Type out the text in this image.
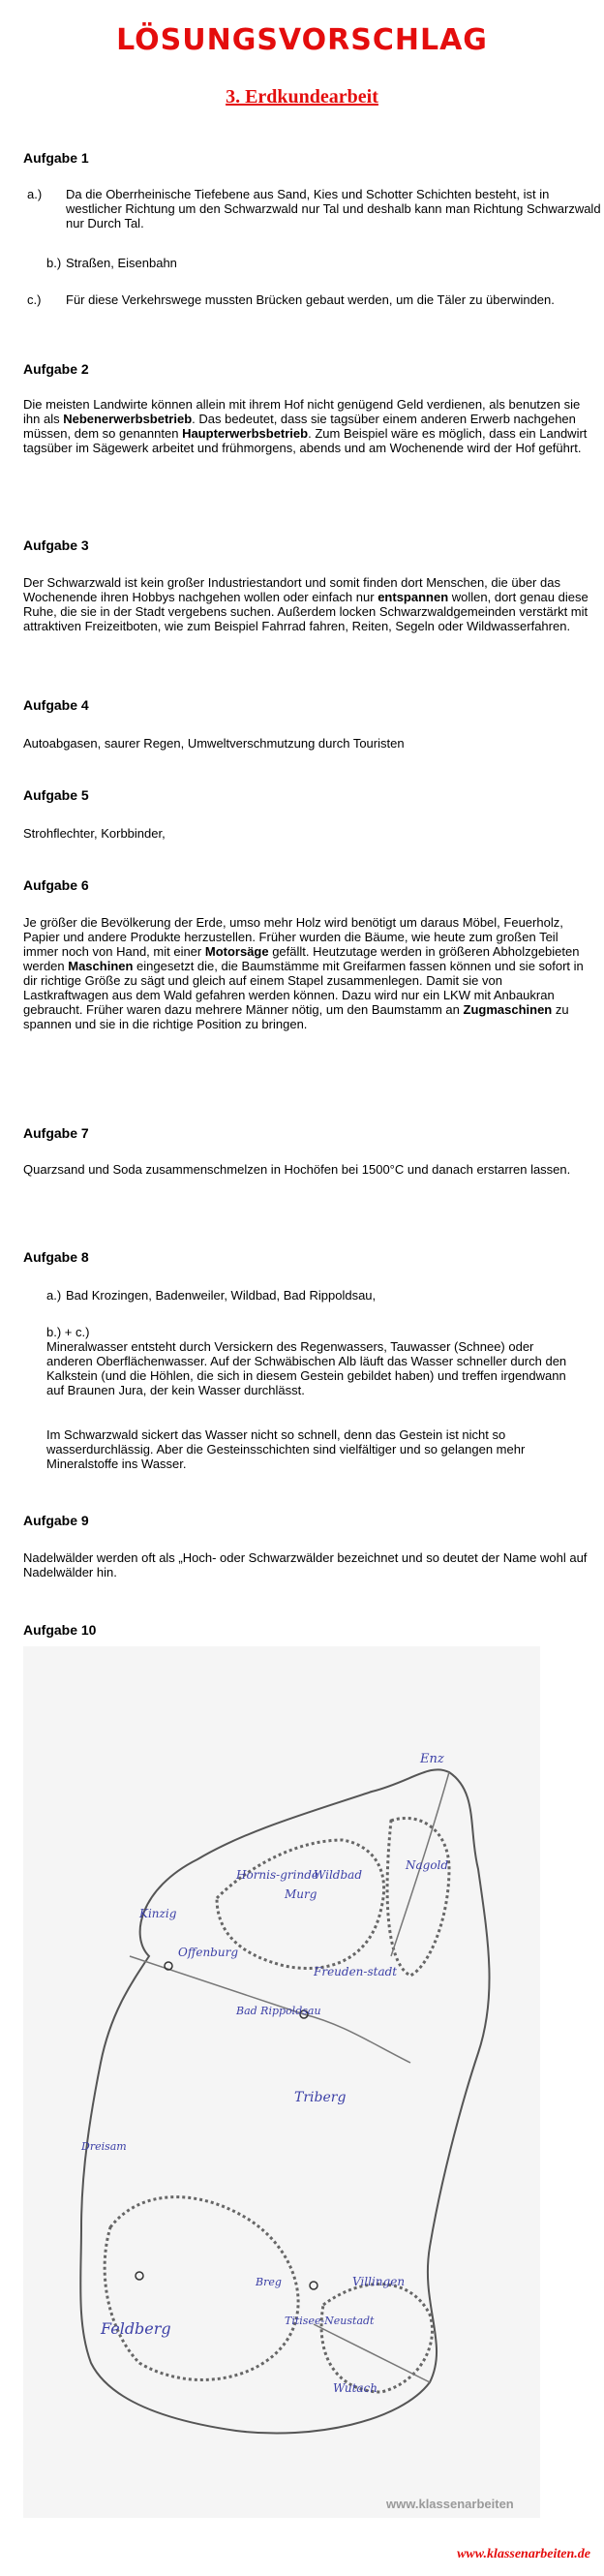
LÖSUNGSVORSCHLAG
3. Erdkundearbeit
Aufgabe 1
a.) Da die Oberrheinische Tiefebene aus Sand, Kies und Schotter Schichten besteht, ist in westlicher Richtung um den Schwarzwald nur Tal und deshalb kann man Richtung Schwarzwald nur Durch Tal.
b.) Straßen, Eisenbahn
c.) Für diese Verkehrswege mussten Brücken gebaut werden, um die Täler zu überwinden.
Aufgabe 2
Die meisten Landwirte können allein mit ihrem Hof nicht genügend Geld verdienen, als benutzen sie ihn als Nebenerwerbsbetrieb. Das bedeutet, dass sie tagsüber einem anderen Erwerb nachgehen müssen, dem so genannten Haupterwerbsbetrieb. Zum Beispiel wäre es möglich, dass ein Landwirt tagsüber im Sägewerk arbeitet und frühmorgens, abends und am Wochenende wird der Hof geführt.
Aufgabe 3
Der Schwarzwald ist kein großer Industriestandort und somit finden dort Menschen, die über das Wochenende ihren Hobbys nachgehen wollen oder einfach nur entspannen wollen, dort genau diese Ruhe, die sie in der Stadt vergebens suchen. Außerdem locken Schwarzwaldgemeinden verstärkt mit attraktiven Freizeitboten, wie zum Beispiel Fahrrad fahren, Reiten, Segeln oder Wildwasserfahren.
Aufgabe 4
Autoabgasen, saurer Regen, Umweltverschmutzung durch Touristen
Aufgabe 5
Strohflechter, Korbbinder,
Aufgabe 6
Je größer die Bevölkerung der Erde, umso mehr Holz wird benötigt um daraus Möbel, Feuerholz, Papier und andere Produkte herzustellen. Früher wurden die Bäume, wie heute zum großen Teil immer noch von Hand, mit einer Motorsäge gefällt. Heutzutage werden in größeren Abholzgebieten werden Maschinen eingesetzt die, die Baumstämme mit Greifarmen fassen können und sie sofort in dir richtige Größe zu sägt und gleich auf einem Stapel zusammenlegen. Damit sie von Lastkraftwagen aus dem Wald gefahren werden können. Dazu wird nur ein LKW mit Anbaukran gebraucht. Früher waren dazu mehrere Männer nötig, um den Baumstamm an Zugmaschinen zu spannen und sie in die richtige Position zu bringen.
Aufgabe 7
Quarzsand und Soda zusammenschmelzen in Hochöfen bei 1500°C und danach erstarren lassen.
Aufgabe 8
a.) Bad Krozingen, Badenweiler, Wildbad, Bad Rippoldsau,
b.) + c.)
Mineralwasser entsteht durch Versickern des Regenwassers, Tauwasser (Schnee) oder anderen Oberflächenwasser. Auf der Schwäbischen Alb läuft das Wasser schneller durch den Kalkstein (und die Höhlen, die sich in diesem Gestein gebildet haben) und treffen irgendwann auf Braunen Jura, der kein Wasser durchlässt.
Im Schwarzwald sickert das Wasser nicht so schnell, denn das Gestein ist nicht so wasserdurchlässig. Aber die Gesteinsschichten sind vielfältiger und so gelangen mehr Mineralstoffe ins Wasser.
Aufgabe 9
Nadelwälder werden oft als „Hoch- oder Schwarzwälder bezeichnet und so deutet der Name wohl auf Nadelwälder hin.
Aufgabe 10
Enz
Wildbad
Nagold
Murg
Hornis-grinde
Kinzig
Offenburg
Freuden-stadt
Bad Rippoldsau
Triberg
Dreisam
Feldberg	Titisee-Neustadt
Breg	Villingen
Wutach
www.klassenarbeiten
www.klassenarbeiten.de
